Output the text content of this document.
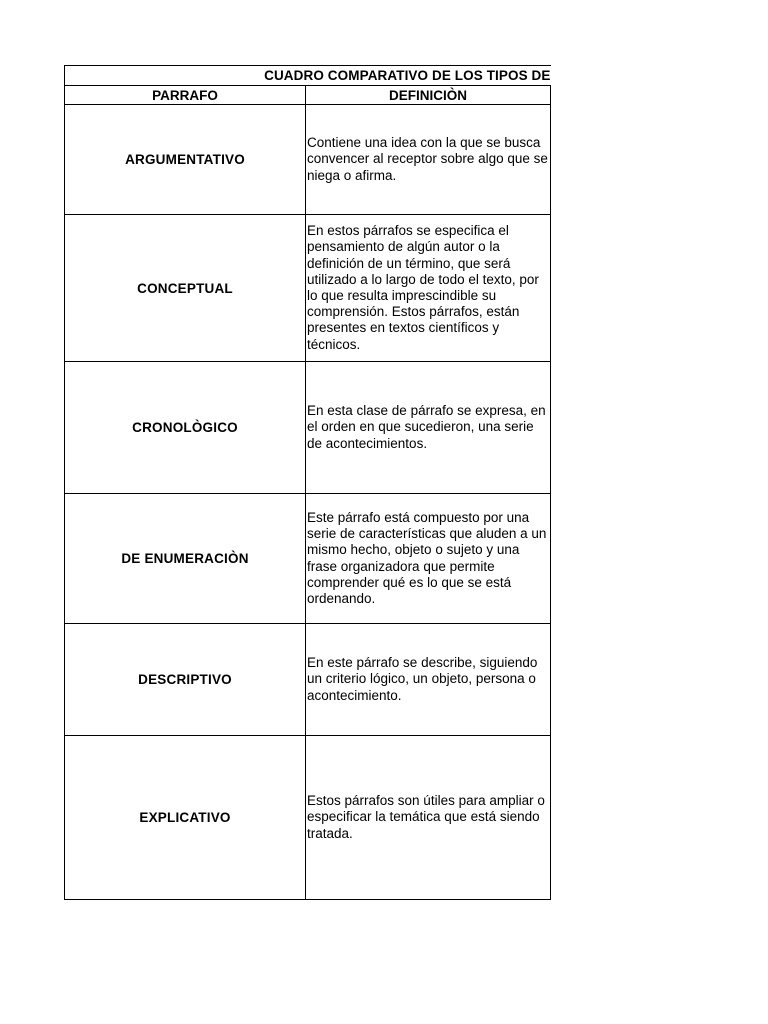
CUADRO COMPARATIVO DE LOS TIPOS DE	
PARRAFO	DEFINICIÒN
ARGUMENTATIVO	Contiene una idea con la que se busca convencer al receptor sobre algo que se niega o afirma.

CONCEPTUAL	En estos párrafos se especifica el pensamiento de algún autor o la definición de un término, que será utilizado a lo largo de todo el texto, por lo que resulta imprescindible su comprensión. Estos párrafos, están presentes en textos científicos y técnicos.

CRONOLÒGICO	En esta clase de párrafo se expresa, en el orden en que sucedieron, una serie de acontecimientos.

DE ENUMERACIÒN	Este párrafo está compuesto por una serie de características que aluden a un mismo hecho, objeto o sujeto y una frase organizadora que permite comprender qué es lo que se está ordenando.

DESCRIPTIVO	En este párrafo se describe, siguiendo un criterio lógico, un objeto, persona o acontecimiento.

EXPLICATIVO	Estos párrafos son útiles para ampliar o especificar la temática que está siendo tratada.
